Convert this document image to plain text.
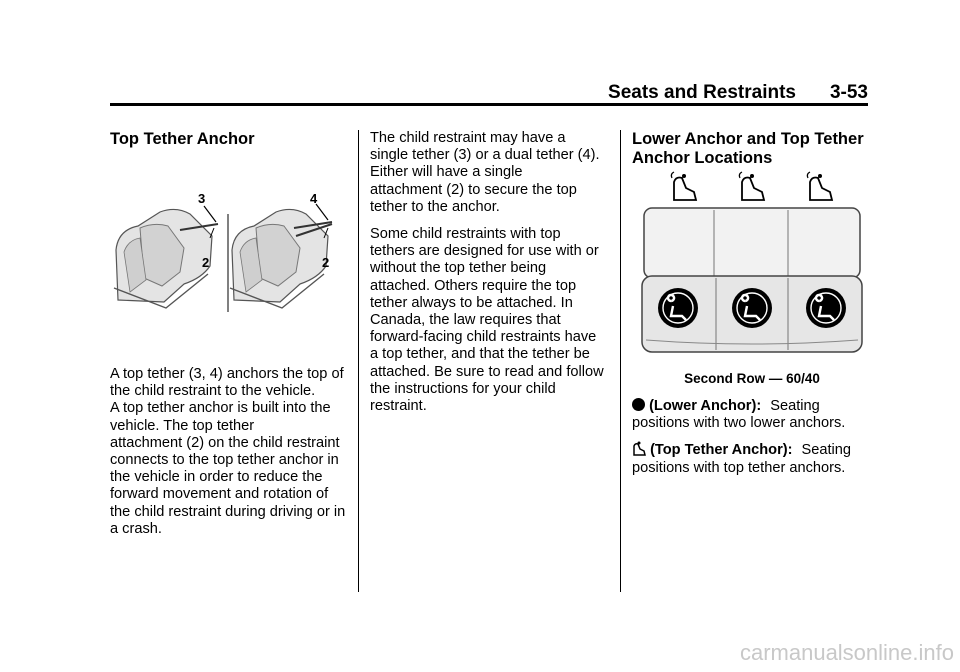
Seats and Restraints 3-53
Top Tether Anchor
3
2
4
2

A top tether (3, 4) anchors the top of
the child restraint to the vehicle.
A top tether anchor is built into the
vehicle. The top tether
attachment (2) on the child restraint
connects to the top tether anchor in
the vehicle in order to reduce the
forward movement and rotation of
the child restraint during driving or in
a crash.

The child restraint may have a
single tether (3) or a dual tether (4).
Either will have a single
attachment (2) to secure the top
tether to the anchor.

Some child restraints with top
tethers are designed for use with or
without the top tether being
attached. Others require the top
tether always to be attached. In
Canada, the law requires that
forward-facing child restraints have
a top tether, and that the tether be
attached. Be sure to read and follow
the instructions for your child
restraint.

Lower Anchor and Top Tether
Anchor Locations
Second Row — 60/40

(Lower Anchor): Seating
positions with two lower anchors.

(Top Tether Anchor): Seating
positions with top tether anchors.

carmanualsonline.info
